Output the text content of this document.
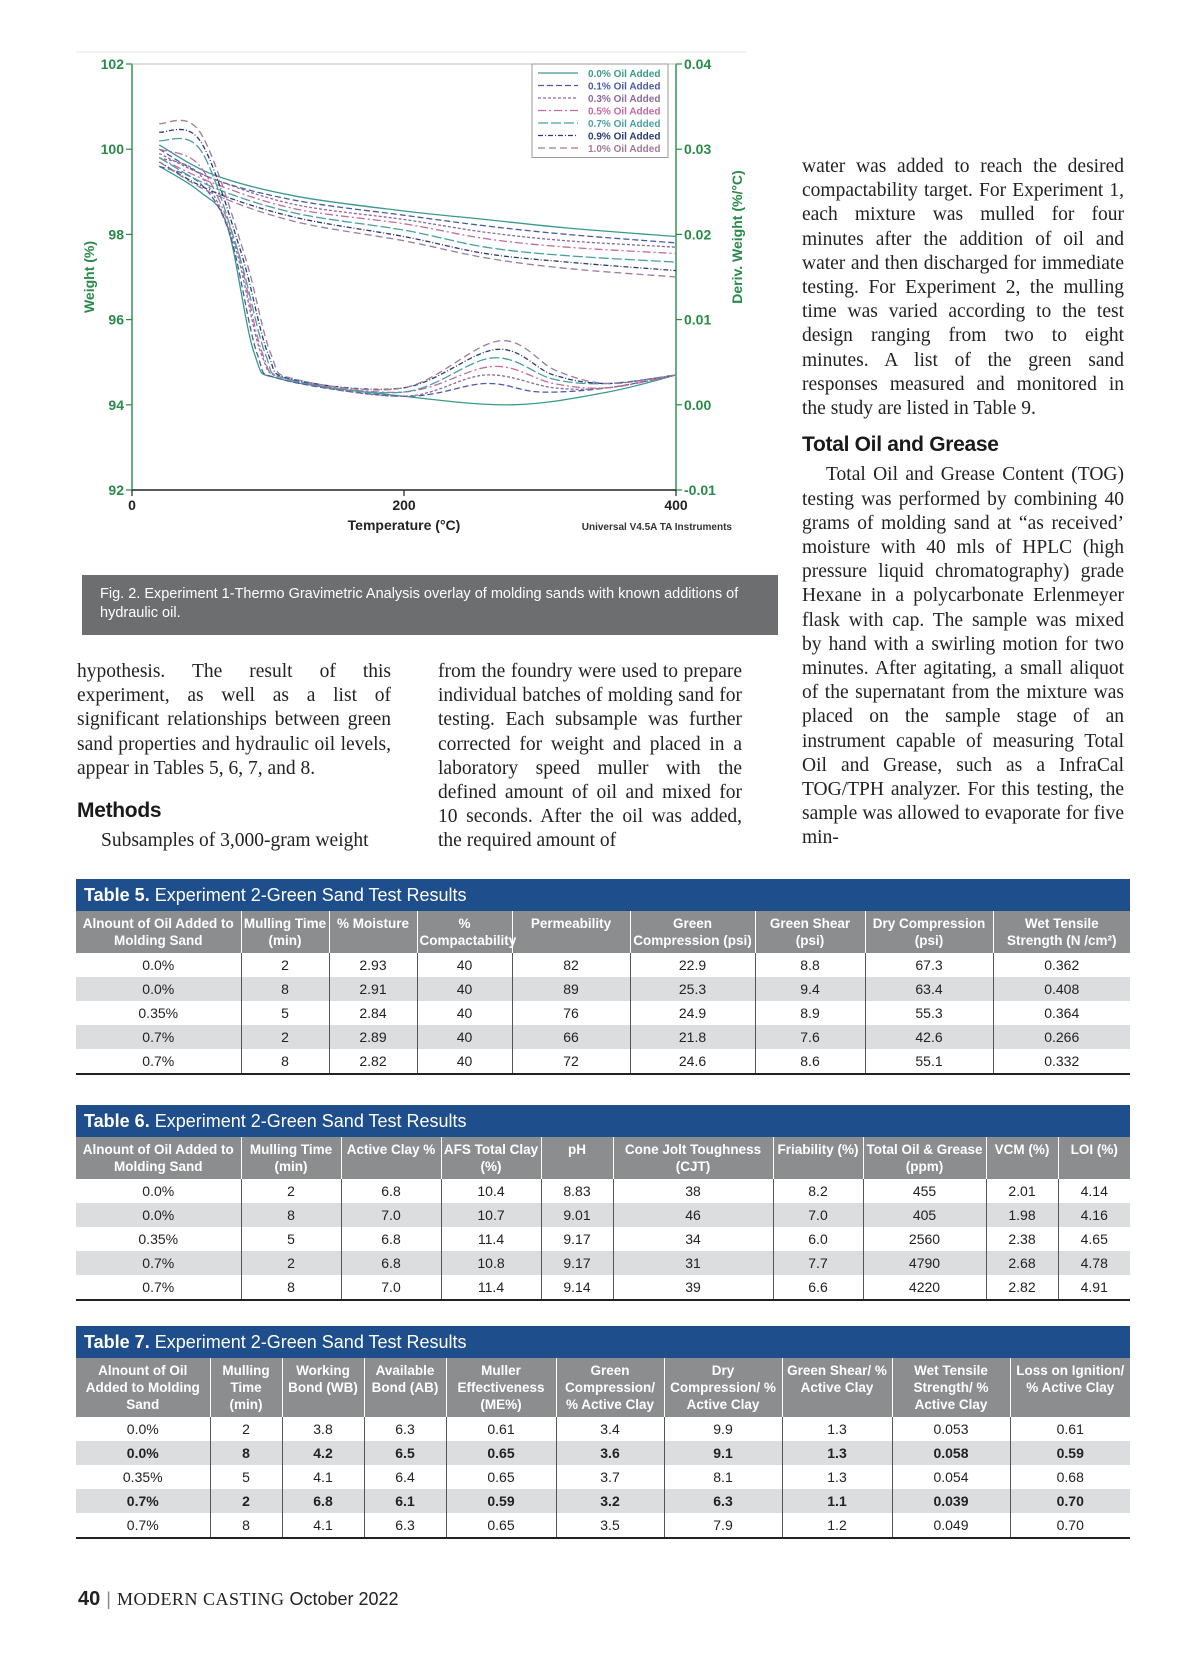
92
94
96
98
100
102
-0.01
0.00
0.01
0.02
0.03
0.04
0	200	400
Temperature (°C)
Weight (%)	Deriv. Weight (%/°C)
Universal V4.5A TA Instruments
0.0% Oil Added
0.1% Oil Added
0.3% Oil Added
0.5% Oil Added
0.7% Oil Added
0.9% Oil Added
1.0% Oil Added
Fig. 2. Experiment 1-Thermo Gravimetric Analysis overlay of molding sands with known additions of hydraulic oil.

hypothesis. The result of this experiment, as well as a list of significant relationships between green sand properties and hydraulic oil levels, appear in Tables 5, 6, 7, and 8.

Methods

Subsamples of 3,000-gram weight

from the foundry were used to prepare individual batches of molding sand for testing. Each subsample was further corrected for weight and placed in a laboratory speed muller with the defined amount of oil and mixed for 10 seconds. After the oil was added, the required amount of

water was added to reach the desired compactability target. For Experiment 1, each mixture was mulled for four minutes after the addition of oil and water and then discharged for immediate testing. For Experiment 2, the mulling time was varied according to the test design ranging from two to eight minutes. A list of the green sand responses measured and monitored in the study are listed in Table 9.

Total Oil and Grease

Total Oil and Grease Content (TOG) testing was performed by combining 40 grams of molding sand at “as received’ moisture with 40 mls of HPLC (high pressure liquid chromatography) grade Hexane in a polycarbonate Erlenmeyer flask with cap. The sample was mixed by hand with a swirling motion for two minutes. After agitating, a small aliquot of the supernatant from the mixture was placed on the sample stage of an instrument capable of measuring Total Oil and Grease, such as a InfraCal TOG/TPH analyzer. For this testing, the sample was allowed to evaporate for five min-

Table 5. Experiment 2-Green Sand Test Results
Alnount of Oil Added to Molding Sand	Mulling Time (min)	% Moisture	% Compactability	Permeability	Green Compression (psi)	Green Shear (psi)	Dry Compression (psi)	Wet Tensile Strength (N /cm²)
0.0%	2	2.93	40	82	22.9	8.8	67.3	0.362
0.0%	8	2.91	40	89	25.3	9.4	63.4	0.408
0.35%	5	2.84	40	76	24.9	8.9	55.3	0.364
0.7%	2	2.89	40	66	21.8	7.6	42.6	0.266
0.7%	8	2.82	40	72	24.6	8.6	55.1	0.332
Table 6. Experiment 2-Green Sand Test Results
Alnount of Oil Added to Molding Sand	Mulling Time (min)	Active Clay %	AFS Total Clay (%)	pH	Cone Jolt Toughness (CJT)	Friability (%)	Total Oil & Grease (ppm)	VCM (%)	LOI (%)
0.0%	2	6.8	10.4	8.83	38	8.2	455	2.01	4.14
0.0%	8	7.0	10.7	9.01	46	7.0	405	1.98	4.16
0.35%	5	6.8	11.4	9.17	34	6.0	2560	2.38	4.65
0.7%	2	6.8	10.8	9.17	31	7.7	4790	2.68	4.78
0.7%	8	7.0	11.4	9.14	39	6.6	4220	2.82	4.91
Table 7. Experiment 2-Green Sand Test Results
Alnount of Oil Added to Molding Sand	Mulling Time (min)	Working Bond (WB)	Available Bond (AB)	Muller Effectiveness (ME%)	Green Compression/ % Active Clay	Dry Compression/ % Active Clay	Green Shear/ % Active Clay	Wet Tensile Strength/ % Active Clay	Loss on Ignition/ % Active Clay
0.0%	2	3.8	6.3	0.61	3.4	9.9	1.3	0.053	0.61
0.0%	8	4.2	6.5	0.65	3.6	9.1	1.3	0.058	0.59
0.35%	5	4.1	6.4	0.65	3.7	8.1	1.3	0.054	0.68
0.7%	2	6.8	6.1	0.59	3.2	6.3	1.1	0.039	0.70
0.7%	8	4.1	6.3	0.65	3.5	7.9	1.2	0.049	0.70
40 | MODERN CASTING October 2022
